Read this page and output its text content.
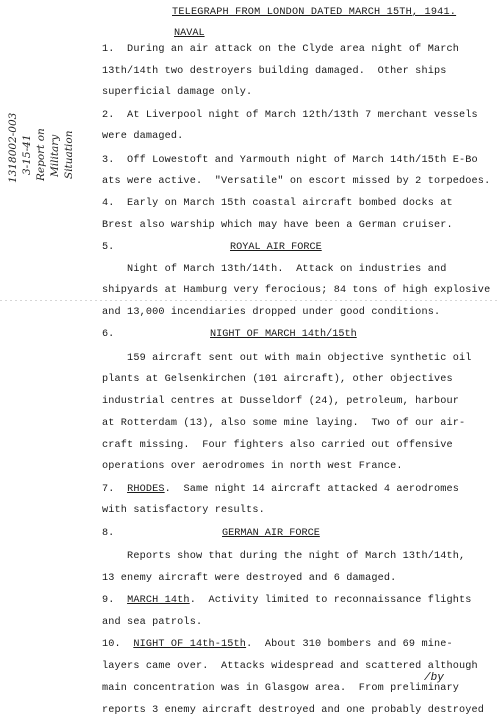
TELEGRAPH FROM LONDON DATED MARCH 15TH, 1941.
NAVAL
1318002-003 3-15-41 Report on Military Situation
1.  During an air attack on the Clyde area night of March
13th/14th two destroyers building damaged.  Other ships
superficial damage only.
2.  At Liverpool night of March 12th/13th 7 merchant vessels
were damaged.
3.  Off Lowestoft and Yarmouth night of March 14th/15th E-Bo
ats were active.  "Versatile" on escort missed by 2 torpedoes.
4.  Early on March 15th coastal aircraft bombed docks at
Brest also warship which may have been a German cruiser.
5.	ROYAL AIR FORCE
Night of March 13th/14th.  Attack on industries and
shipyards at Hamburg very ferocious; 84 tons of high explosive
and 13,000 incendiaries dropped under good conditions.
6.	NIGHT OF MARCH 14th/15th
159 aircraft sent out with main objective synthetic oil
plants at Gelsenkirchen (101 aircraft), other objectives
industrial centres at Dusseldorf (24), petroleum, harbour
at Rotterdam (13), also some mine laying.  Two of our air-
craft missing.  Four fighters also carried out offensive
operations over aerodromes in north west France.
7. RHODES.  Same night 14 aircraft attacked 4 aerodromes
with satisfactory results.
8.	GERMAN AIR FORCE
Reports show that during the night of March 13th/14th,
13 enemy aircraft were destroyed and 6 damaged.
9. MARCH 14th.  Activity limited to reconnaissance flights
and sea patrols.
10. NIGHT OF 14th-15th.  About 310 bombers and 69 mine-
layers came over.  Attacks widespread and scattered although
main concentration was in Glasgow area.  From preliminary
reports 3 enemy aircraft destroyed and one probably destroyed
/by
